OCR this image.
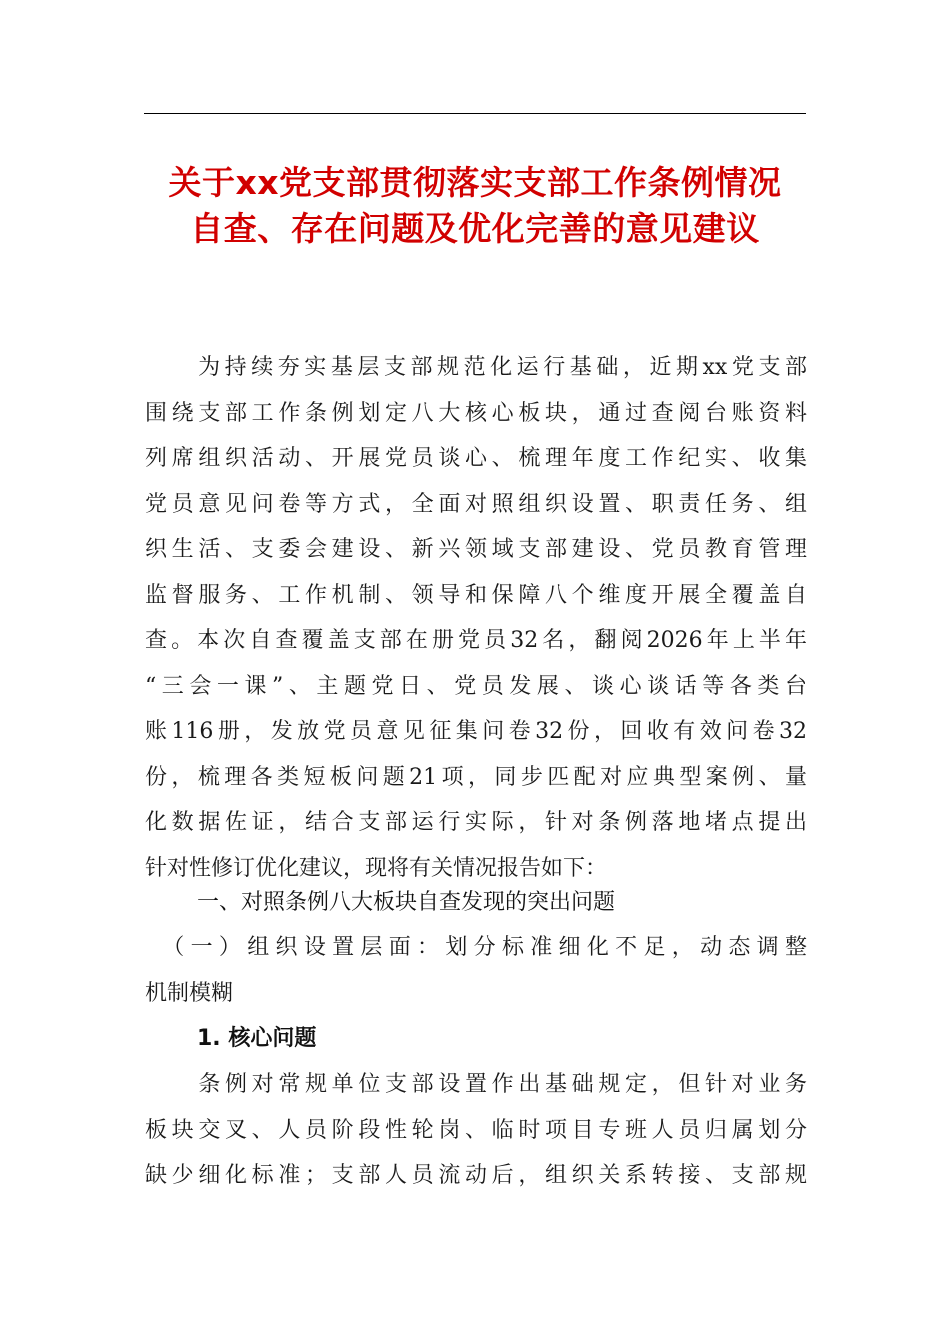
关于xx党支部贯彻落实支部工作条例情况
自查、存在问题及优化完善的意见建议
　　为持续夯实基层支部规范化运行基础，近期xx党支部
围绕支部工作条例划定八大核心板块，通过查阅台账资料
列席组织活动、开展党员谈心、梳理年度工作纪实、收集
党员意见问卷等方式，全面对照组织设置、职责任务、组
织生活、支委会建设、新兴领域支部建设、党员教育管理
监督服务、工作机制、领导和保障八个维度开展全覆盖自
查。本次自查覆盖支部在册党员32名，翻阅2026年上半年
“三会一课”、主题党日、党员发展、谈心谈话等各类台
账116册，发放党员意见征集问卷32份，回收有效问卷32
份，梳理各类短板问题21项，同步匹配对应典型案例、量
化数据佐证，结合支部运行实际，针对条例落地堵点提出
针对性修订优化建议，现将有关情况报告如下：
一、对照条例八大板块自查发现的突出问题
　（一）组织设置层面：划分标准细化不足，动态调整
机制模糊
1. 核心问题
　　条例对常规单位支部设置作出基础规定，但针对业务
板块交叉、人员阶段性轮岗、临时项目专班人员归属划分
缺少细化标准；支部人员流动后，组织关系转接、支部规
